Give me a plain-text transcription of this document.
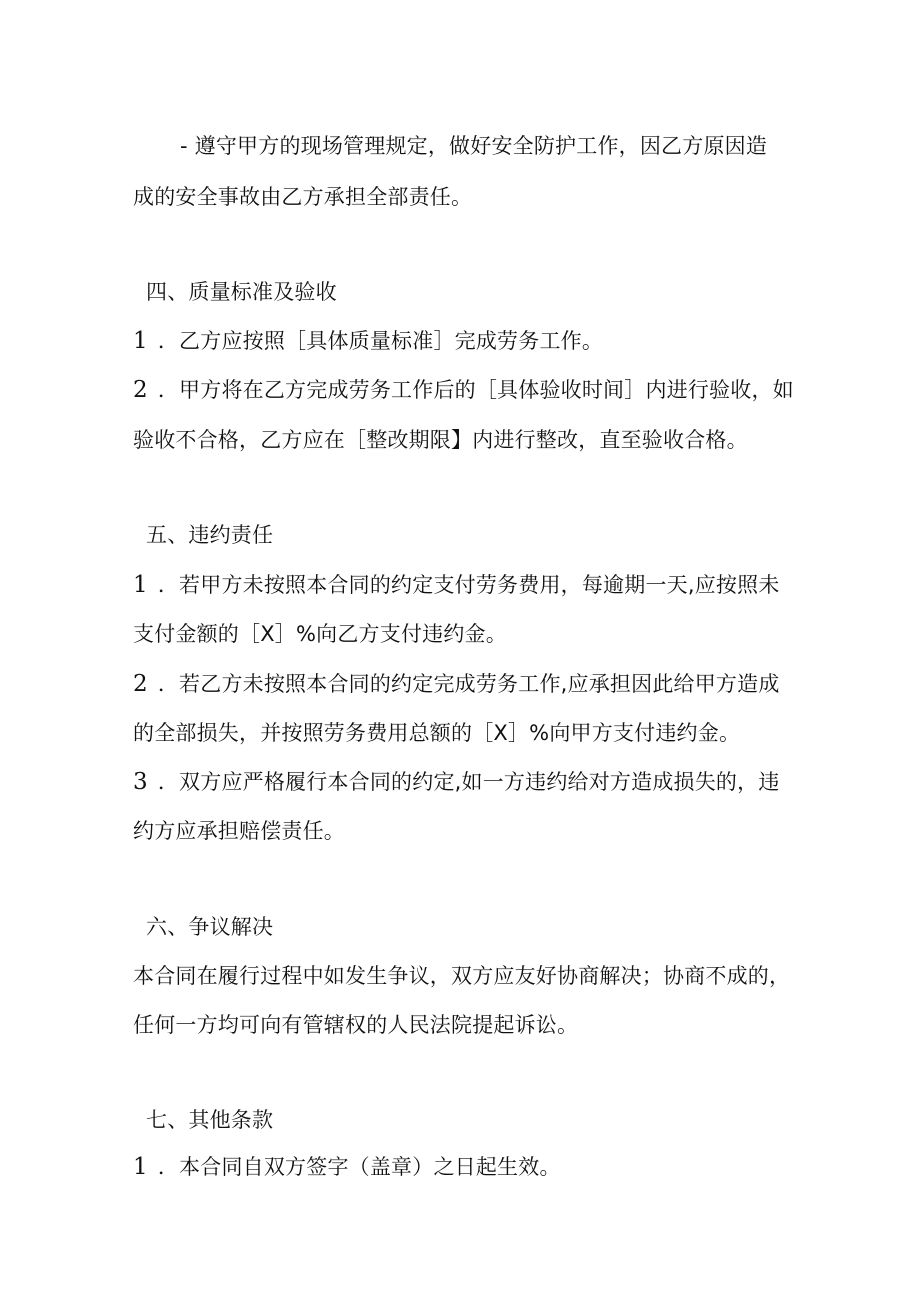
- 遵守甲方的现场管理规定，做好安全防护工作，因乙方原因造
成的安全事故由乙方承担全部责任。
四、质量标准及验收
1 ．乙方应按照［具体质量标准］完成劳务工作。
2 ．甲方将在乙方完成劳务工作后的［具体验收时间］内进行验收，如
验收不合格，乙方应在［整改期限】内进行整改，直至验收合格。
五、违约责任
1 ．若甲方未按照本合同的约定支付劳务费用，每逾期一天,应按照未
支付金额的［X］%向乙方支付违约金。
2 ．若乙方未按照本合同的约定完成劳务工作,应承担因此给甲方造成
的全部损失，并按照劳务费用总额的［X］%向甲方支付违约金。
3 ．双方应严格履行本合同的约定,如一方违约给对方造成损失的，违
约方应承担赔偿责任。
六、争议解决
本合同在履行过程中如发生争议，双方应友好协商解决；协商不成的，
任何一方均可向有管辖权的人民法院提起诉讼。
七、其他条款
1 ．本合同自双方签字（盖章）之日起生效。
